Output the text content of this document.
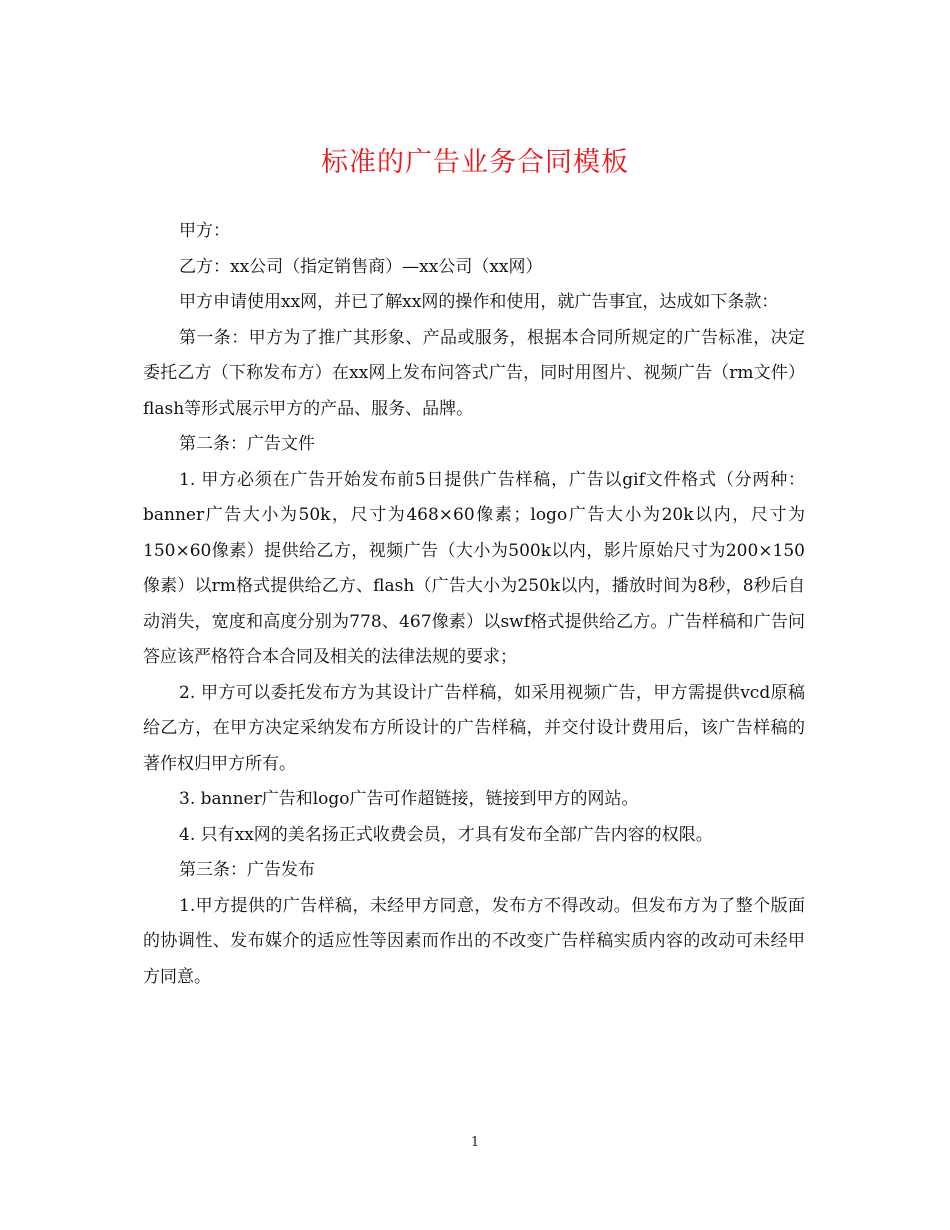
标准的广告业务合同模板

甲方：

乙方：xx公司（指定销售商）—xx公司（xx网）

甲方申请使用xx网，并已了解xx网的操作和使用，就广告事宜，达成如下条款：

第一条：甲方为了推广其形象、产品或服务，根据本合同所规定的广告标准，决定委托乙方（下称发布方）在xx网上发布问答式广告，同时用图片、视频广告（rm文件）flash等形式展示甲方的产品、服务、品牌。

第二条：广告文件

1. 甲方必须在广告开始发布前5日提供广告样稿，广告以gif文件格式（分两种：banner广告大小为50k，尺寸为468×60像素；logo广告大小为20k以内，尺寸为150×60像素）提供给乙方，视频广告（大小为500k以内，影片原始尺寸为200×150像素）以rm格式提供给乙方、flash（广告大小为250k以内，播放时间为8秒，8秒后自动消失，宽度和高度分别为778、467像素）以swf格式提供给乙方。广告样稿和广告问答应该严格符合本合同及相关的法律法规的要求；

2. 甲方可以委托发布方为其设计广告样稿，如采用视频广告，甲方需提供vcd原稿给乙方，在甲方决定采纳发布方所设计的广告样稿，并交付设计费用后，该广告样稿的著作权归甲方所有。

3. banner广告和logo广告可作超链接，链接到甲方的网站。

4. 只有xx网的美名扬正式收费会员，才具有发布全部广告内容的权限。

第三条：广告发布

1.甲方提供的广告样稿，未经甲方同意，发布方不得改动。但发布方为了整个版面的协调性、发布媒介的适应性等因素而作出的不改变广告样稿实质内容的改动可未经甲方同意。

1
